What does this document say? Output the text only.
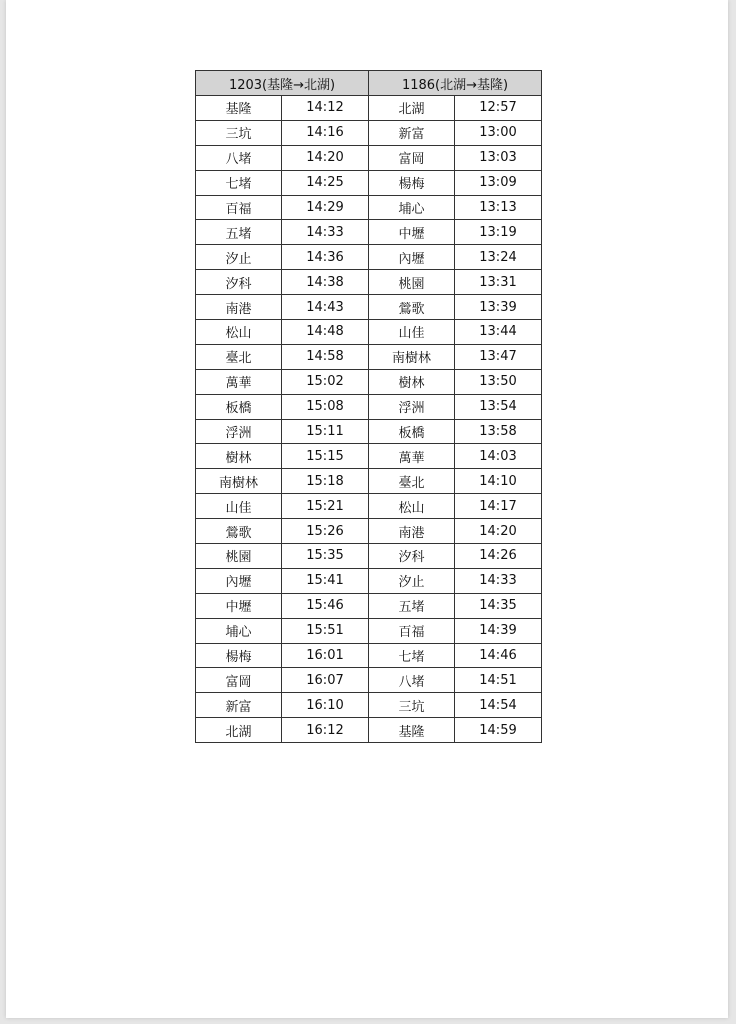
1203(基隆→北湖)		1186(北湖→基隆)	
基隆	14:12	北湖	12:57
三坑	14:16	新富	13:00
八堵	14:20	富岡	13:03
七堵	14:25	楊梅	13:09
百福	14:29	埔心	13:13
五堵	14:33	中壢	13:19
汐止	14:36	內壢	13:24
汐科	14:38	桃園	13:31
南港	14:43	鶯歌	13:39
松山	14:48	山佳	13:44
臺北	14:58	南樹林	13:47
萬華	15:02	樹林	13:50
板橋	15:08	浮洲	13:54
浮洲	15:11	板橋	13:58
樹林	15:15	萬華	14:03
南樹林	15:18	臺北	14:10
山佳	15:21	松山	14:17
鶯歌	15:26	南港	14:20
桃園	15:35	汐科	14:26
內壢	15:41	汐止	14:33
中壢	15:46	五堵	14:35
埔心	15:51	百福	14:39
楊梅	16:01	七堵	14:46
富岡	16:07	八堵	14:51
新富	16:10	三坑	14:54
北湖	16:12	基隆	14:59
